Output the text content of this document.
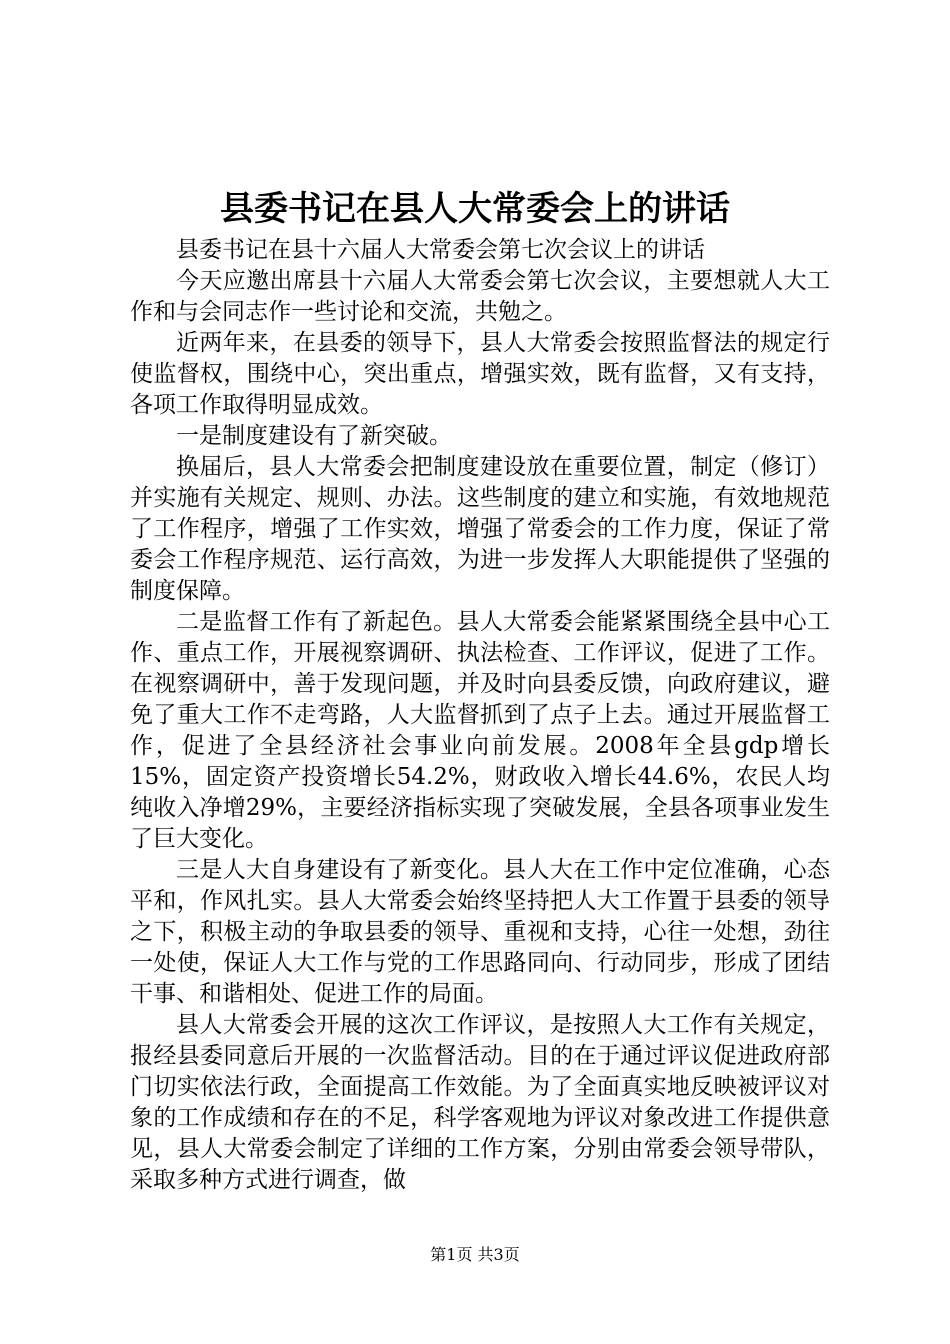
县委书记在县人大常委会上的讲话

县委书记在县十六届人大常委会第七次会议上的讲话

今天应邀出席县十六届人大常委会第七次会议，主要想就人大工作和与会同志作一些讨论和交流，共勉之。

近两年来，在县委的领导下，县人大常委会按照监督法的规定行使监督权，围绕中心，突出重点，增强实效，既有监督，又有支持，各项工作取得明显成效。

一是制度建设有了新突破。

换届后，县人大常委会把制度建设放在重要位置，制定（修订）并实施有关规定、规则、办法。这些制度的建立和实施，有效地规范了工作程序，增强了工作实效，增强了常委会的工作力度，保证了常委会工作程序规范、运行高效，为进一步发挥人大职能提供了坚强的制度保障。

二是监督工作有了新起色。县人大常委会能紧紧围绕全县中心工作、重点工作，开展视察调研、执法检查、工作评议，促进了工作。在视察调研中，善于发现问题，并及时向县委反馈，向政府建议，避免了重大工作不走弯路，人大监督抓到了点子上去。通过开展监督工作，促进了全县经济社会事业向前发展。2008年全县gdp增长15%，固定资产投资增长54.2%，财政收入增长44.6%，农民人均纯收入净增29%，主要经济指标实现了突破发展，全县各项事业发生了巨大变化。

三是人大自身建设有了新变化。县人大在工作中定位准确，心态平和，作风扎实。县人大常委会始终坚持把人大工作置于县委的领导之下，积极主动的争取县委的领导、重视和支持，心往一处想，劲往一处使，保证人大工作与党的工作思路同向、行动同步，形成了团结干事、和谐相处、促进工作的局面。

县人大常委会开展的这次工作评议，是按照人大工作有关规定，报经县委同意后开展的一次监督活动。目的在于通过评议促进政府部门切实依法行政，全面提高工作效能。为了全面真实地反映被评议对象的工作成绩和存在的不足，科学客观地为评议对象改进工作提供意见，县人大常委会制定了详细的工作方案，分别由常委会领导带队，采取多种方式进行调查，做

第1页 共3页
